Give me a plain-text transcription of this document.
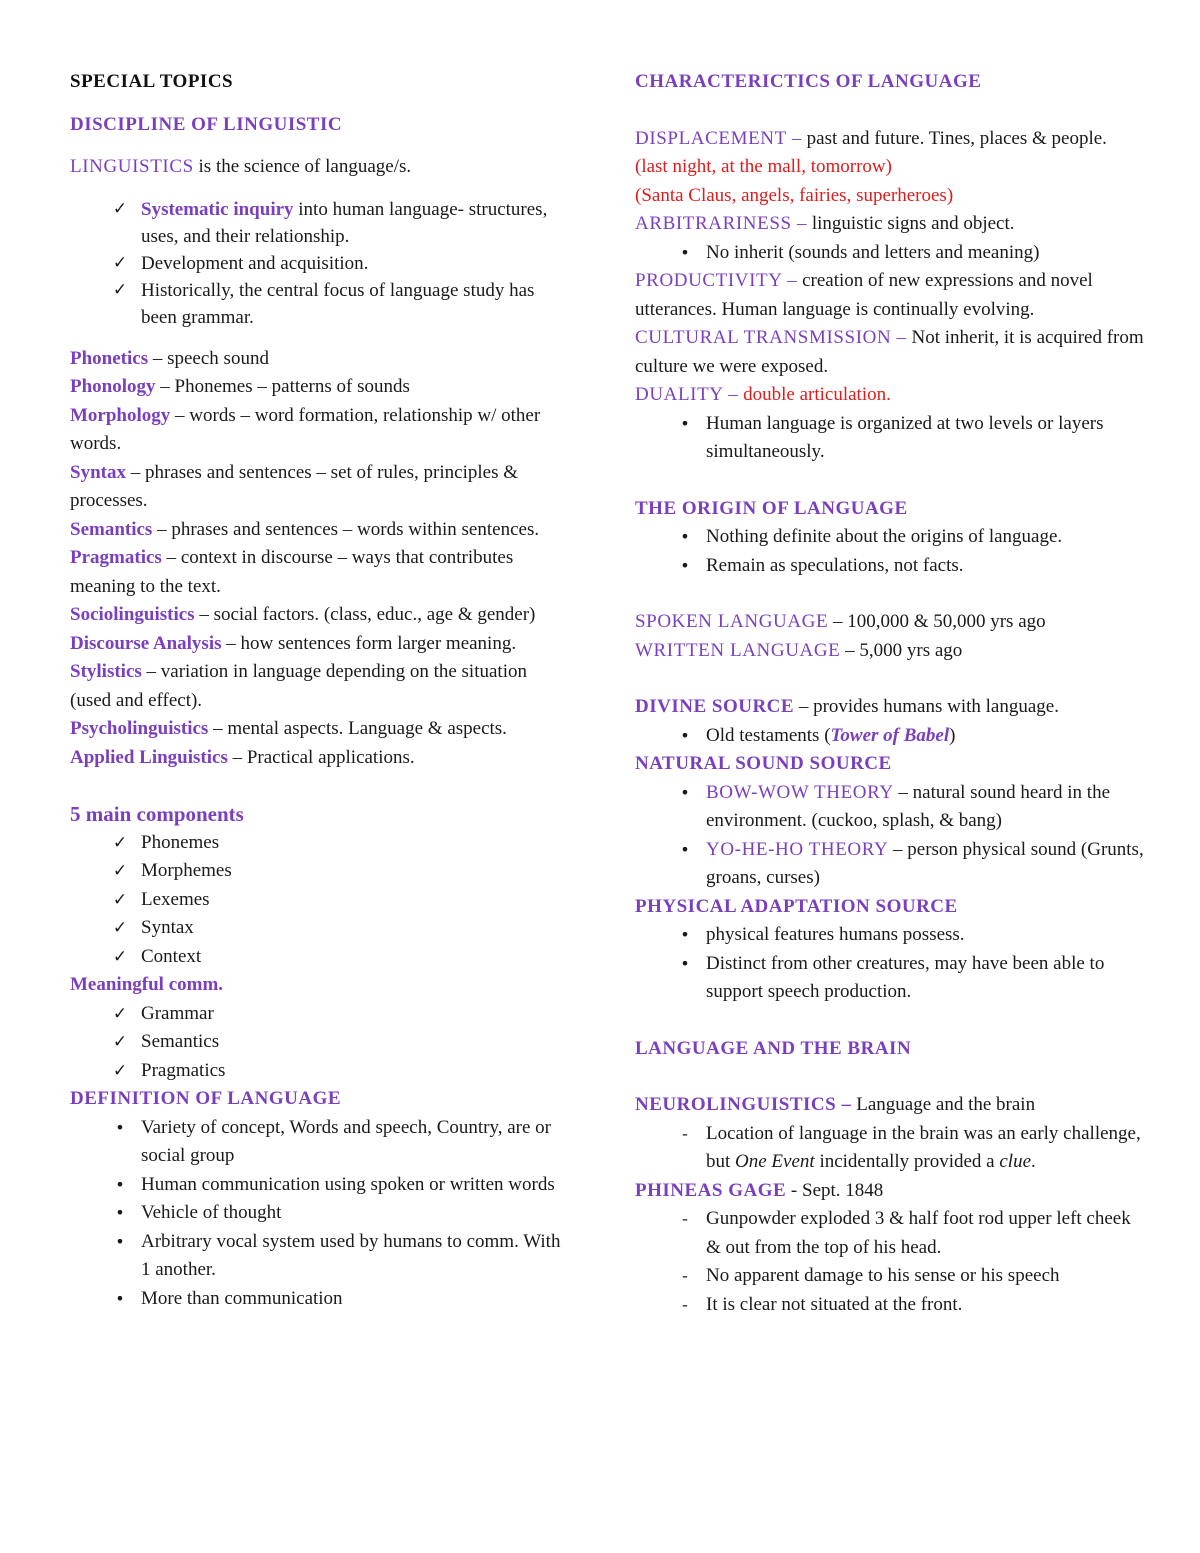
SPECIAL TOPICS

DISCIPLINE OF LINGUISTIC

LINGUISTICS is the science of language/s.

✓ Systematic inquiry into human language- structures, uses, and their relationship.
✓ Development and acquisition.
✓ Historically, the central focus of language study has been grammar.

Phonetics – speech sound

Phonology – Phonemes – patterns of sounds

Morphology – words – word formation, relationship w/ other words.

Syntax – phrases and sentences – set of rules, principles & processes.

Semantics – phrases and sentences – words within sentences.

Pragmatics – context in discourse – ways that contributes meaning to the text.

Sociolinguistics – social factors. (class, educ., age & gender)

Discourse Analysis – how sentences form larger meaning.

Stylistics – variation in language depending on the situation (used and effect).

Psycholinguistics – mental aspects. Language & aspects.

Applied Linguistics – Practical applications.

5 main components

✓ Phonemes
✓ Morphemes
✓ Lexemes
✓ Syntax
✓ Context

Meaningful comm.

✓ Grammar
✓ Semantics
✓ Pragmatics

DEFINITION OF LANGUAGE

• Variety of concept, Words and speech, Country, are or social group
• Human communication using spoken or written words
• Vehicle of thought
• Arbitrary vocal system used by humans to comm. With 1 another.
• More than communication

CHARACTERICTICS OF LANGUAGE

DISPLACEMENT – past and future. Tines, places & people.

(last night, at the mall, tomorrow)

(Santa Claus, angels, fairies, superheroes)

ARBITRARINESS – linguistic signs and object.

• No inherit (sounds and letters and meaning)

PRODUCTIVITY – creation of new expressions and novel utterances. Human language is continually evolving.

CULTURAL TRANSMISSION – Not inherit, it is acquired from culture we were exposed.

DUALITY – double articulation.

• Human language is organized at two levels or layers simultaneously.

THE ORIGIN OF LANGUAGE

• Nothing definite about the origins of language.
• Remain as speculations, not facts.

SPOKEN LANGUAGE – 100,000 & 50,000 yrs ago

WRITTEN LANGUAGE – 5,000 yrs ago

DIVINE SOURCE – provides humans with language.

• Old testaments (Tower of Babel)

NATURAL SOUND SOURCE

• BOW-WOW THEORY – natural sound heard in the environment. (cuckoo, splash, & bang)
• YO-HE-HO THEORY – person physical sound (Grunts, groans, curses)

PHYSICAL ADAPTATION SOURCE

• physical features humans possess.
• Distinct from other creatures, may have been able to support speech production.

LANGUAGE AND THE BRAIN

NEUROLINGUISTICS – Language and the brain

- Location of language in the brain was an early challenge, but One Event incidentally provided a clue.

PHINEAS GAGE - Sept. 1848

- Gunpowder exploded 3 & half foot rod upper left cheek & out from the top of his head.
- No apparent damage to his sense or his speech
- It is clear not situated at the front.
